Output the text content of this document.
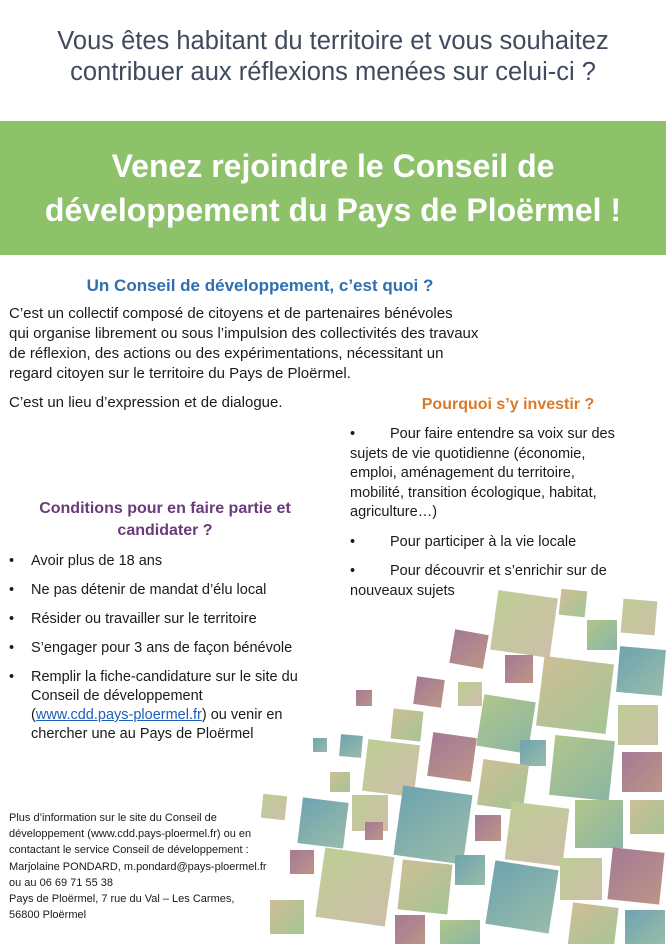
Vous êtes habitant du territoire et vous souhaitez
contribuer aux réflexions menées sur celui-ci ?
Venez rejoindre le Conseil de
développement du Pays de Ploërmel !
Un Conseil de développement, c’est quoi ?
C’est un collectif composé de citoyens et de partenaires bénévoles
qui organise librement ou sous l’impulsion des collectivités des travaux
de réflexion, des actions ou des expérimentations, nécessitant un
regard citoyen sur le territoire du Pays de Ploërmel.
C’est un lieu d’expression et de dialogue.	Pourquoi s’y investir ?
• Pour faire entendre sa voix sur des
sujets de vie quotidienne (économie,
emploi, aménagement du territoire,
mobilité, transition écologique, habitat,
agriculture…)
• Pour participer à la vie locale
• Pour découvrir et s’enrichir sur de
nouveaux sujets
Conditions pour en faire partie et
candidater ?
• Avoir plus de 18 ans
• Ne pas détenir de mandat d’élu local
• Résider ou travailler sur le territoire
• S’engager pour 3 ans de façon bénévole
• Remplir la fiche-candidature sur le site du
Conseil de développement
(www.cdd.pays-ploermel.fr) ou venir en
chercher une au Pays de Ploërmel
Plus d’information sur le site du Conseil de
développement (www.cdd.pays-ploermel.fr) ou en
contactant le service Conseil de développement :
Marjolaine PONDARD, m.pondard@pays-ploermel.fr
ou au 06 69 71 55 38
Pays de Ploërmel, 7 rue du Val – Les Carmes,
56800 Ploërmel
